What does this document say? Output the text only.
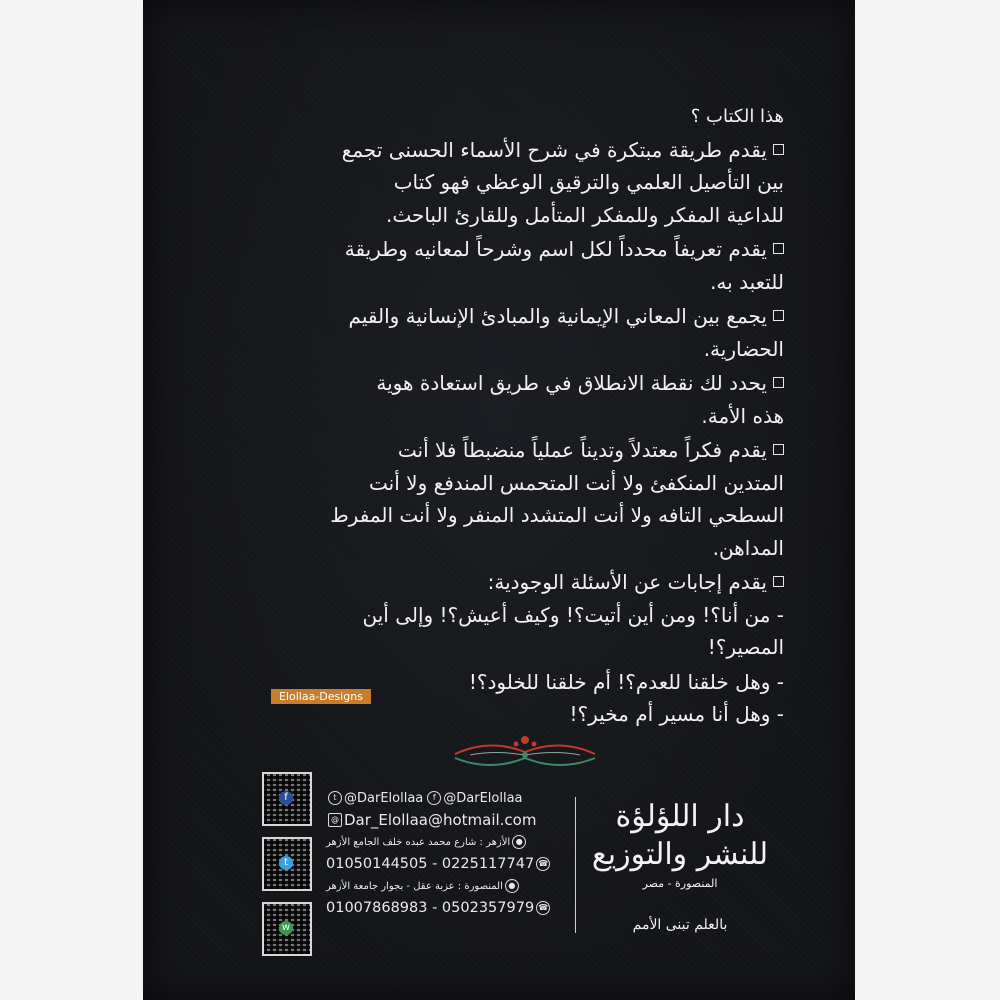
هذا الكتاب ؟
يقدم طريقة مبتكرة في شرح الأسماء الحسنى تجمع
بين التأصيل العلمي والترقيق الوعظي فهو كتاب
للداعية المفكر وللمفكر المتأمل وللقارئ الباحث.
يقدم تعريفاً محدداً لكل اسم وشرحاً لمعانيه وطريقة
للتعبد به.
يجمع بين المعاني الإيمانية والمبادئ الإنسانية والقيم
الحضارية.
يحدد لك نقطة الانطلاق في طريق استعادة هوية
هذه الأمة.
يقدم فكراً معتدلاً وتديناً عملياً منضبطاً فلا أنت
المتدين المنكفئ ولا أنت المتحمس المندفع ولا أنت
السطحي التافه ولا أنت المتشدد المنفر ولا أنت المفرط
المداهن.
يقدم إجابات عن الأسئلة الوجودية:
- من أنا؟! ومن أين أتيت؟! وكيف أعيش؟! وإلى أين
المصير؟!
- وهل خلقنا للعدم؟! أم خلقنا للخلود؟!
- وهل أنا مسير أم مخير؟!
Elollaa-Designs
f
t
w
t @DarElollaa	f @DarElollaa
@ Dar_Elollaa@hotmail.com
●
الأزهر : شارع محمد عبده خلف الجامع الأزهر
01050144505 - 0225117747 ☎
●
المنصورة : عزبة عقل - بجوار جامعة الأزهر
01007868983 - 0502357979 ☎
دار اللؤلؤة للنشر والتوزيع
المنصورة - مصر
بالعلم تبنى الأمم
